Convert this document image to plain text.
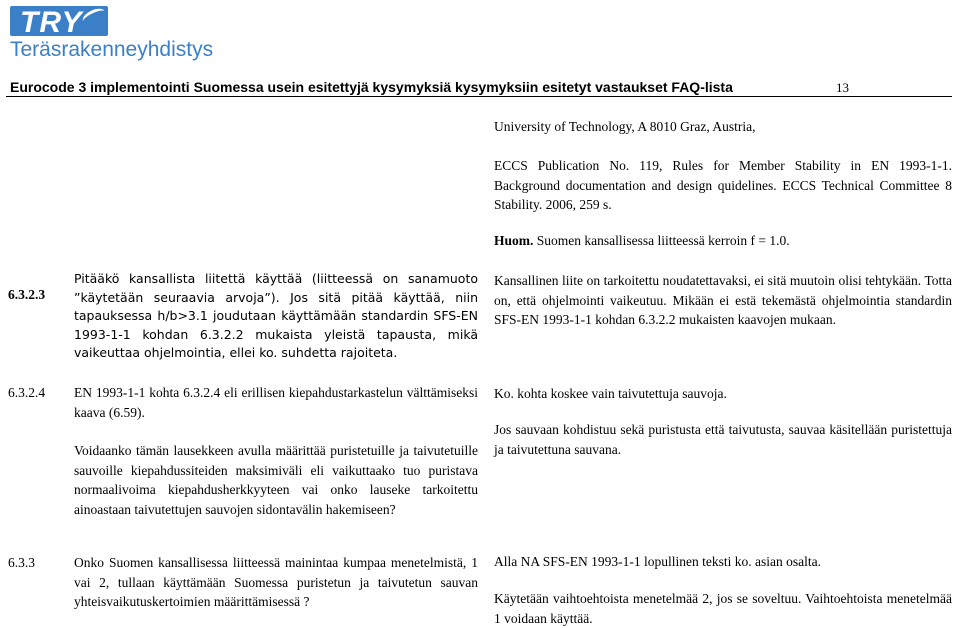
TRY
Teräsrakenneyhdistys
Eurocode 3 implementointi Suomessa usein esitettyjä kysymyksiä kysymyksiin esitetyt vastaukset FAQ-lista	13
University of Technology, A 8010 Graz, Austria,
ECCS Publication No. 119, Rules for Member Stability in EN 1993-1-1. Background documentation and design quidelines. ECCS Technical Committee 8 Stability. 2006, 259 s.
Huom. Suomen kansallisessa liitteessä kerroin f = 1.0.
6.3.2.3
Pitääkö kansallista liitettä käyttää (liitteessä on sanamuoto ”käytetään seuraavia arvoja”). Jos sitä pitää käyttää, niin tapauksessa h/b>3.1 joudutaan käyttämään standardin SFS-EN 1993-1-1 kohdan 6.3.2.2 mukaista yleistä tapausta, mikä vaikeuttaa ohjelmointia, ellei ko. suhdetta rajoiteta.
Kansallinen liite on tarkoitettu noudatettavaksi, ei sitä muutoin olisi tehtykään. Totta on, että ohjelmointi vaikeutuu. Mikään ei estä tekemästä ohjelmointia standardin SFS-EN 1993-1-1 kohdan 6.3.2.2 mukaisten kaavojen mukaan.
6.3.2.4 EN 1993-1-1 kohta 6.3.2.4 eli erillisen kiepahdustarkastelun välttämiseksi kaava (6.59).
Voidaanko tämän lausekkeen avulla määrittää puristetuille ja taivutetuille sauvoille kiepahdussiteiden maksimiväli eli vaikuttaako tuo puristava normaalivoima kiepahdusherkkyyteen vai onko lauseke tarkoitettu ainoastaan taivutettujen sauvojen sidontavälin hakemiseen?
Ko. kohta koskee vain taivutettuja sauvoja.
Jos sauvaan kohdistuu sekä puristusta että taivutusta, sauvaa käsitellään puristettuja ja taivutettuna sauvana.
6.3.3	Onko Suomen kansallisessa liitteessä mainintaa kumpaa menetelmistä, 1 vai 2, tullaan käyttämään Suomessa puristetun ja taivutetun sauvan yhteisvaikutuskertoimien määrittämisessä ?
Alla NA SFS-EN 1993-1-1 lopullinen teksti ko. asian osalta.
Käytetään vaihtoehtoista menetelmää 2, jos se soveltuu. Vaihtoehtoista menetelmää 1 voidaan käyttää.
